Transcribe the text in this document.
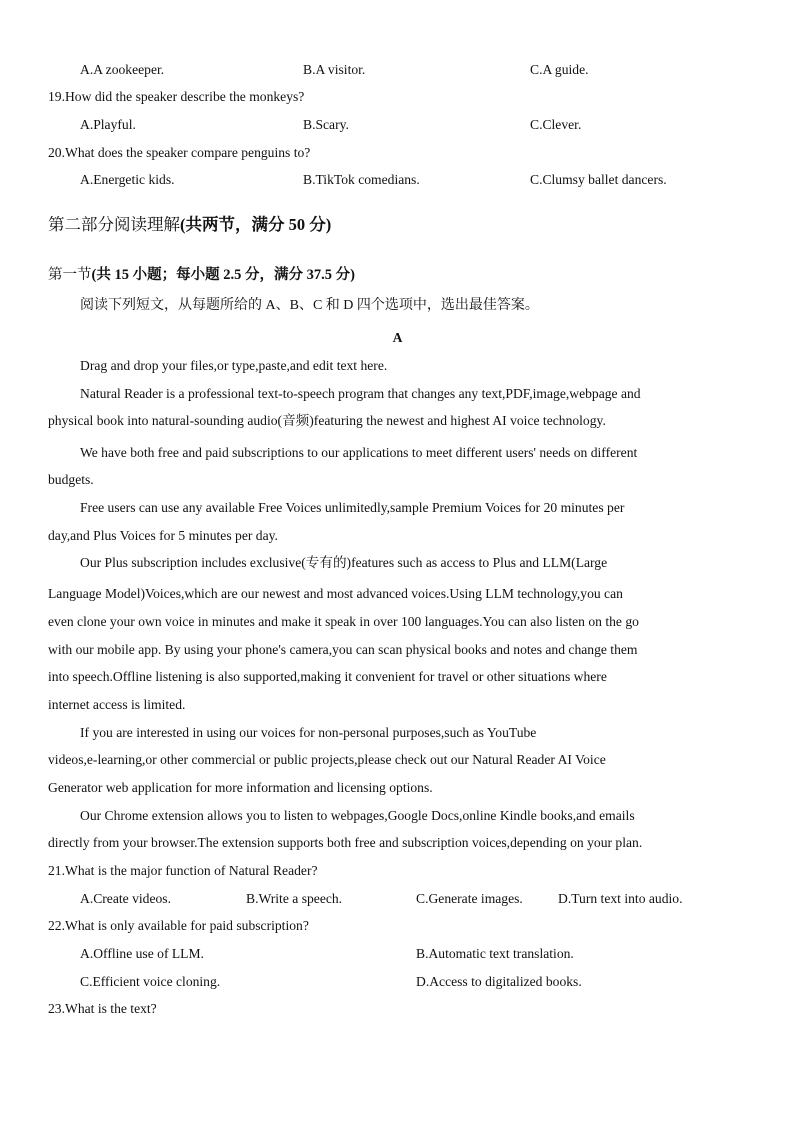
A.A zookeeper.	B.A visitor.	C.A guide.
19.How did the speaker describe the monkeys?
A.Playful.	B.Scary.	C.Clever.
20.What does the speaker compare penguins to?
A.Energetic kids.	B.TikTok comedians.	C.Clumsy ballet dancers.
第二部分阅读理解(共两节，满分 50 分)
第一节(共 15 小题；每小题 2.5 分，满分 37.5 分)
阅读下列短文，从每题所给的 A、B、C 和 D 四个选项中，选出最佳答案。
A
Drag and drop your files,or type,paste,and edit text here.
Natural Reader is a professional text-to-speech program that changes any text,PDF,image,webpage and
physical book into natural-sounding audio(音频)featuring the newest and highest AI voice technology.
We have both free and paid subscriptions to our applications to meet different users' needs on different
budgets.
Free users can use any available Free Voices unlimitedly,sample Premium Voices for 20 minutes per
day,and Plus Voices for 5 minutes per day.
Our Plus subscription includes exclusive(专有的)features such as access to Plus and LLM(Large
Language Model)Voices,which are our newest and most advanced voices.Using LLM technology,you can
even clone your own voice in minutes and make it speak in over 100 languages.You can also listen on the go
with our mobile app. By using your phone's camera,you can scan physical books and notes and change them
into speech.Offline listening is also supported,making it convenient for travel or other situations where
internet access is limited.
If you are interested in using our voices for non-personal purposes,such as YouTube
videos,e-learning,or other commercial or public projects,please check out our Natural Reader AI Voice
Generator web application for more information and licensing options.
Our Chrome extension allows you to listen to webpages,Google Docs,online Kindle books,and emails
directly from your browser.The extension supports both free and subscription voices,depending on your plan.
21.What is the major function of Natural Reader?
A.Create videos.	B.Write a speech.	C.Generate images.	D.Turn text into audio.
22.What is only available for paid subscription?
A.Offline use of LLM.	B.Automatic text translation.
C.Efficient voice cloning.	D.Access to digitalized books.
23.What is the text?
